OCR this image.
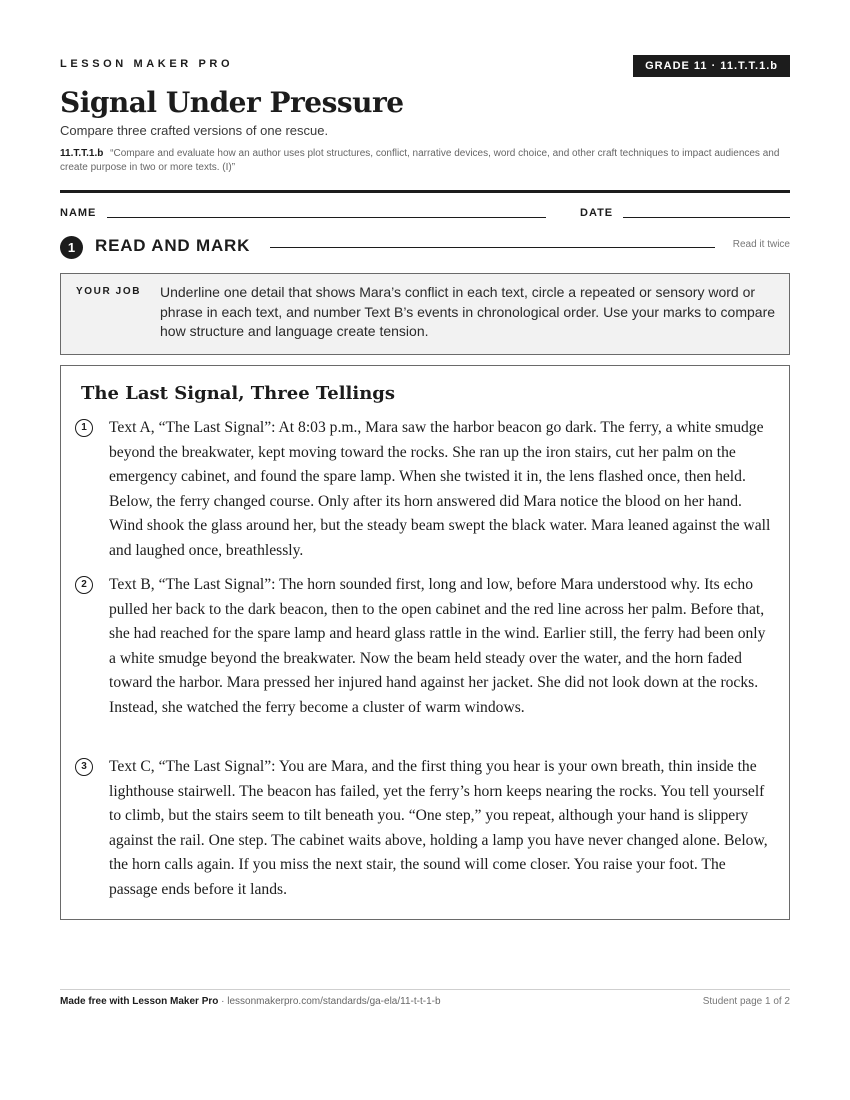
LESSON MAKER PRO	GRADE 11 · 11.T.T.1.b
Signal Under Pressure
Compare three crafted versions of one rescue.
11.T.T.1.b “Compare and evaluate how an author uses plot structures, conflict, narrative devices, word choice, and other craft techniques to impact audiences and create purpose in two or more texts. (I)”
NAME	DATE
1	READ AND MARK	Read it twice
YOUR JOB Underline one detail that shows Mara’s conflict in each text, circle a repeated or sensory word or phrase in each text, and number Text B’s events in chronological order. Use your marks to compare how structure and language create tension.
The Last Signal, Three Tellings
1	Text A, “The Last Signal”: At 8:03 p.m., Mara saw the harbor beacon go dark. The ferry, a white smudge beyond the breakwater, kept moving toward the rocks. She ran up the iron stairs, cut her palm on the emergency cabinet, and found the spare lamp. When she twisted it in, the lens flashed once, then held. Below, the ferry changed course. Only after its horn answered did Mara notice the blood on her hand. Wind shook the glass around her, but the steady beam swept the black water. Mara leaned against the wall and laughed once, breathlessly.
2	Text B, “The Last Signal”: The horn sounded first, long and low, before Mara understood why. Its echo pulled her back to the dark beacon, then to the open cabinet and the red line across her palm. Before that, she had reached for the spare lamp and heard glass rattle in the wind. Earlier still, the ferry had been only a white smudge beyond the breakwater. Now the beam held steady over the water, and the horn faded toward the harbor. Mara pressed her injured hand against her jacket. She did not look down at the rocks. Instead, she watched the ferry become a cluster of warm windows.
3	Text C, “The Last Signal”: You are Mara, and the first thing you hear is your own breath, thin inside the lighthouse stairwell. The beacon has failed, yet the ferry’s horn keeps nearing the rocks. You tell yourself to climb, but the stairs seem to tilt beneath you. “One step,” you repeat, although your hand is slippery against the rail. One step. The cabinet waits above, holding a lamp you have never changed alone. Below, the horn calls again. If you miss the next stair, the sound will come closer. You raise your foot. The passage ends before it lands.
Made free with Lesson Maker Pro · lessonmakerpro.com/standards/ga-ela/11-t-t-1-b	Student page 1 of 2
